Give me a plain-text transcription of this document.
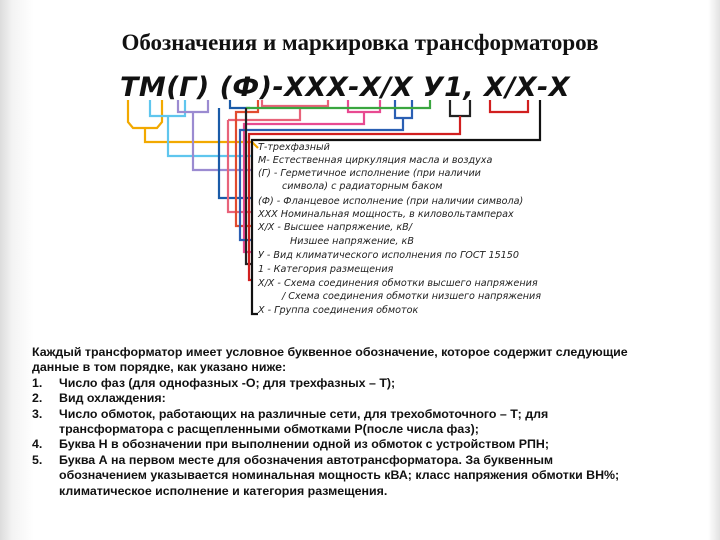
Обозначения и маркировка трансформаторов
ТМ(Г) (Ф)-ХХХ-Х/Х У1, Х/Х-Х
Т-трехфазный
М- Естественная циркуляция масла и воздуха
(Г) - Герметичное исполнение (при наличии
символа) с радиаторным баком
(Ф) - Фланцевое исполнение (при наличии символа)
ХХХ Номинальная мощность, в киловольтамперах
Х/Х - Высшее напряжение, кВ/
Низшее напряжение, кВ
У - Вид климатического исполнения по ГОСТ 15150
1 - Категория размещения
Х/Х - Схема соединения обмотки высшего напряжения
/ Схема соединения обмотки низшего напряжения
Х - Группа соединения обмоток
Каждый трансформатор имеет условное буквенное обозначение, которое содержит следующие
данные в том порядке, как указано ниже:
1.	Число фаз (для однофазных -О; для трехфазных – Т);
2.	Вид охлаждения:
3.	Число обмоток, работающих на различные сети, для трехобмоточного – Т; для
трансформатора с расщепленными обмотками Р(после числа фаз);
4.	Буква Н в обозначении при выполнении одной из обмоток с устройством РПН;
5.	Буква А на первом месте для обозначения автотрансформатора. За буквенным
обозначением указывается номинальная мощность кВА; класс напряжения обмотки ВН%;
климатическое исполнение и категория размещения.
